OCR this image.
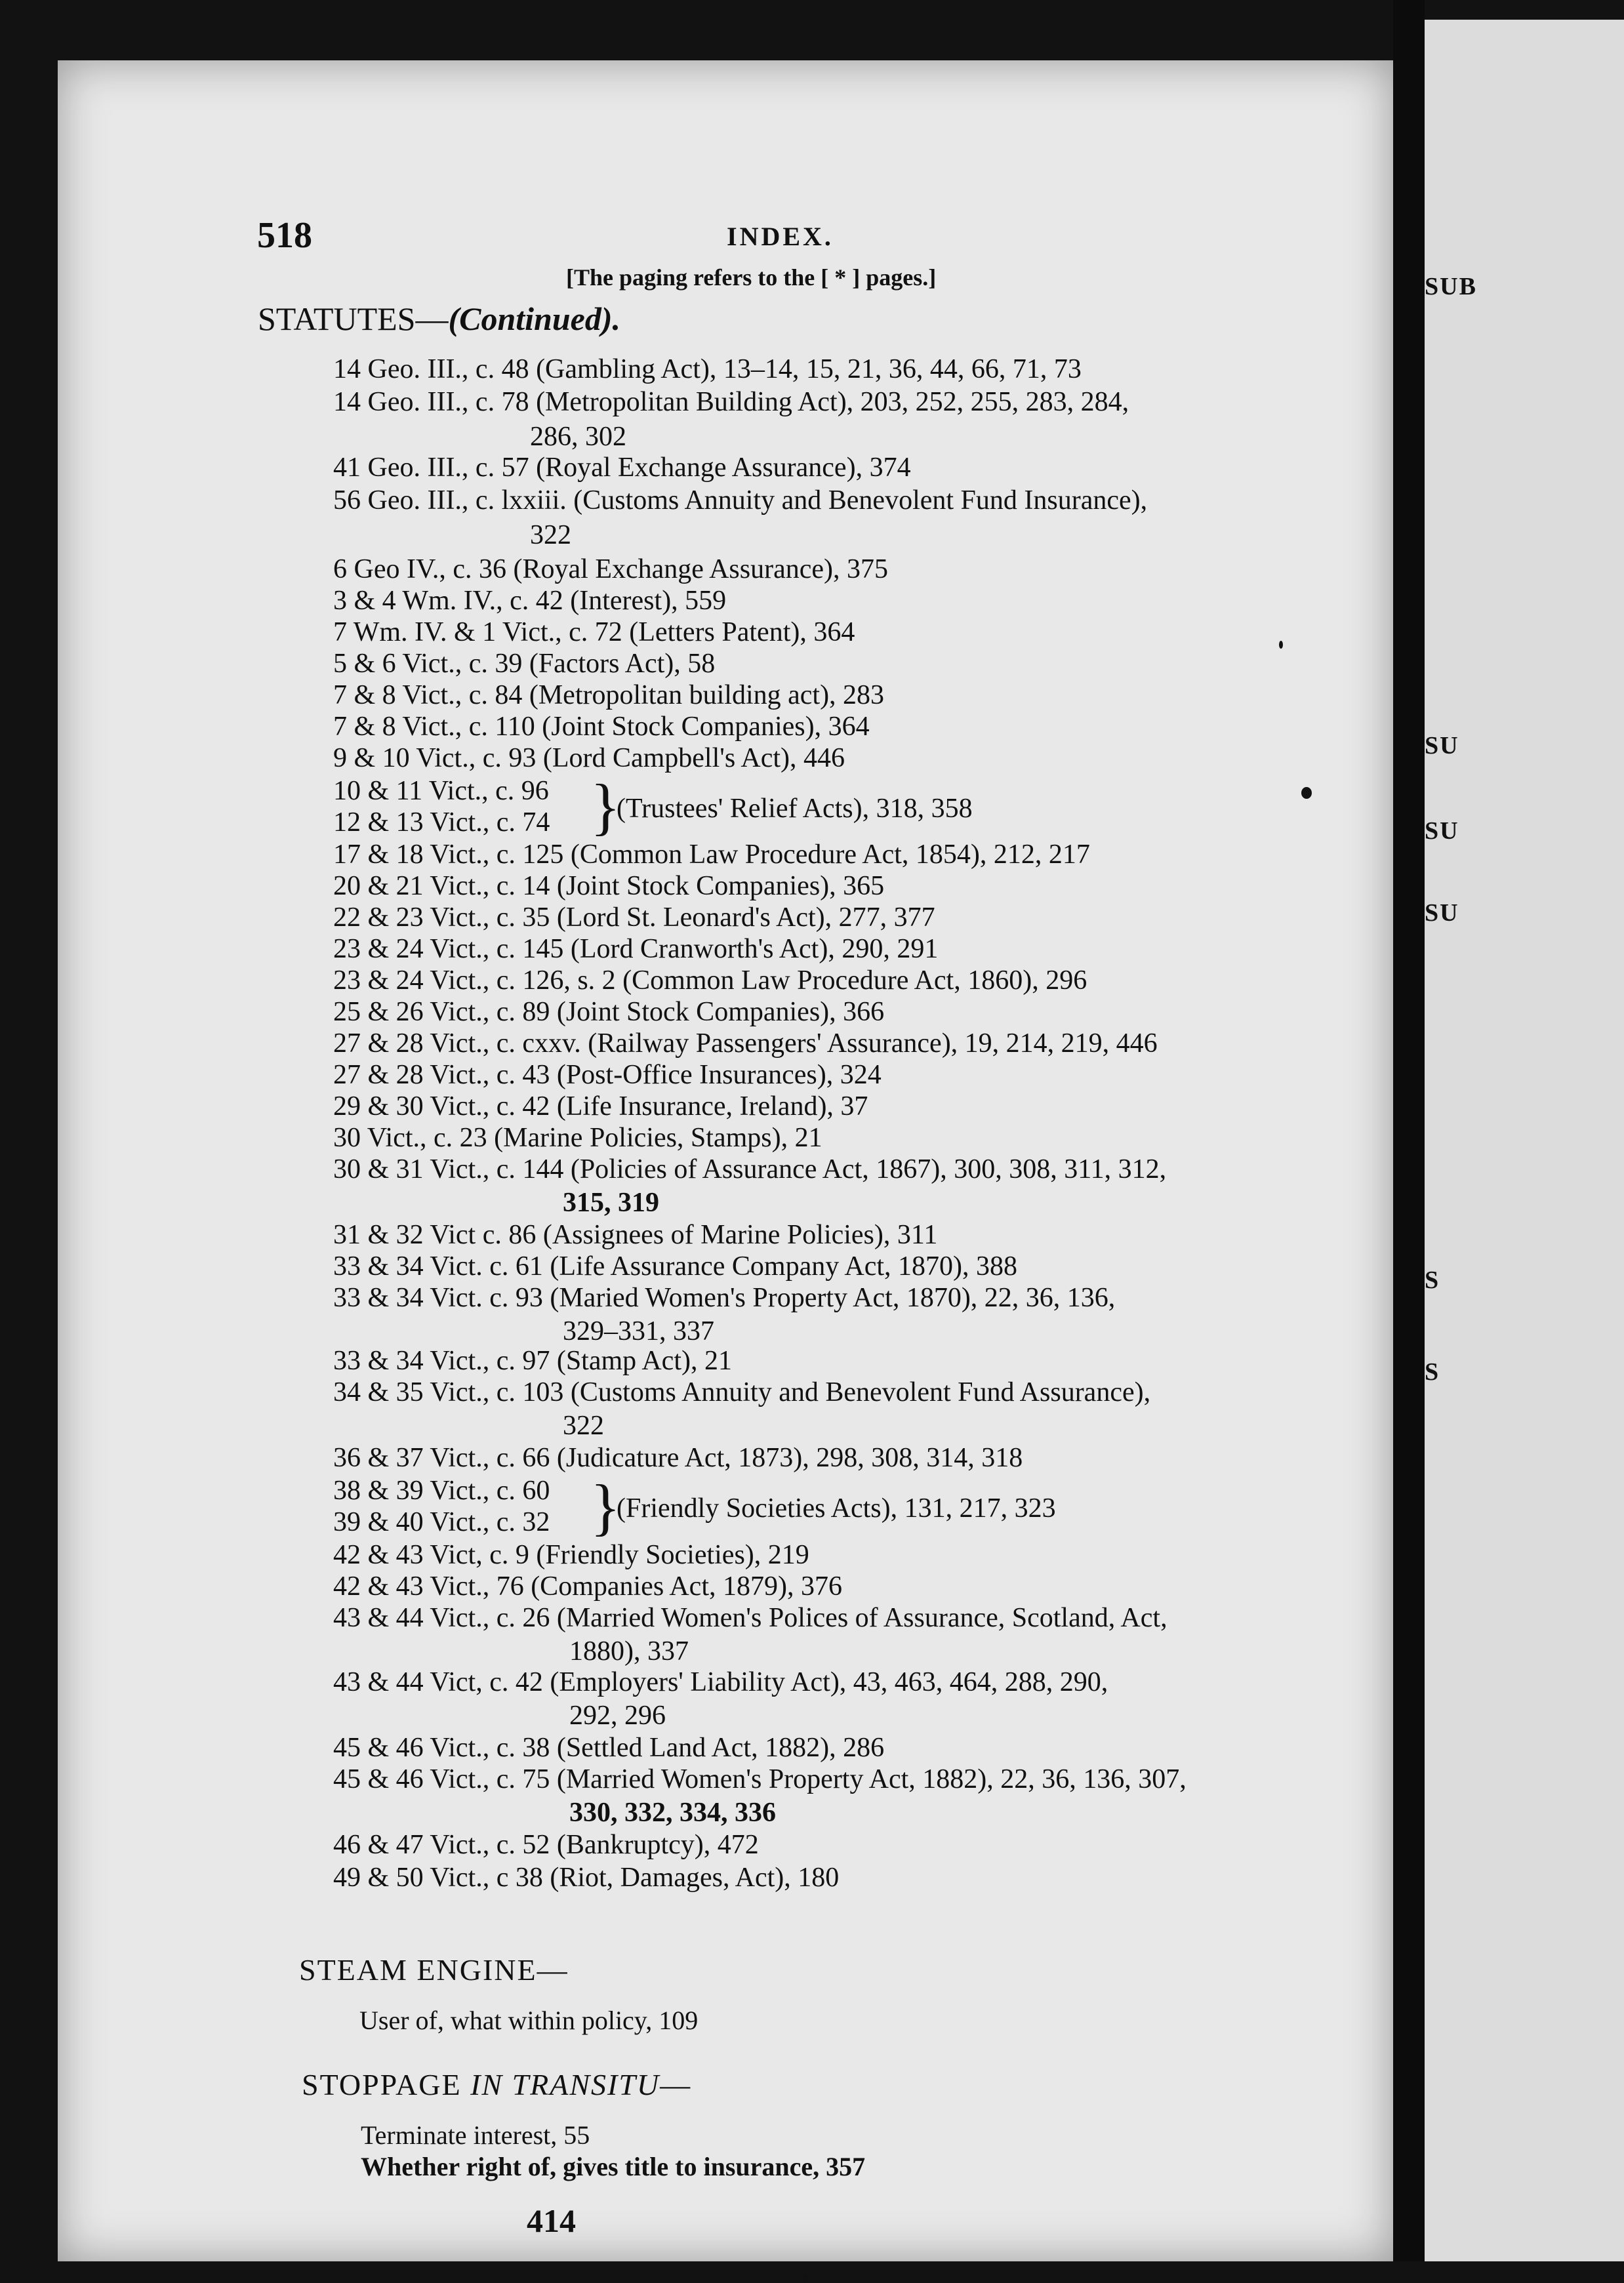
518	INDEX.
[The paging refers to the [ * ] pages.]
STATUTES—(Continued).
14 Geo. III., c. 48 (Gambling Act), 13–14, 15, 21, 36, 44, 66, 71, 73
14 Geo. III., c. 78 (Metropolitan Building Act), 203, 252, 255, 283, 284,
286, 302
41 Geo. III., c. 57 (Royal Exchange Assurance), 374
56 Geo. III., c. lxxiii. (Customs Annuity and Benevolent Fund Insurance),
322
6 Geo IV., c. 36 (Royal Exchange Assurance), 375
3 & 4 Wm. IV., c. 42 (Interest), 559
7 Wm. IV. & 1 Vict., c. 72 (Letters Patent), 364
5 & 6 Vict., c. 39 (Factors Act), 58
7 & 8 Vict., c. 84 (Metropolitan building act), 283
7 & 8 Vict., c. 110 (Joint Stock Companies), 364
9 & 10 Vict., c. 93 (Lord Campbell's Act), 446
10 & 11 Vict., c. 96
12 & 13 Vict., c. 74 }
(Trustees' Relief Acts), 318, 358
17 & 18 Vict., c. 125 (Common Law Procedure Act, 1854), 212, 217
20 & 21 Vict., c. 14 (Joint Stock Companies), 365
22 & 23 Vict., c. 35 (Lord St. Leonard's Act), 277, 377
23 & 24 Vict., c. 145 (Lord Cranworth's Act), 290, 291
23 & 24 Vict., c. 126, s. 2 (Common Law Procedure Act, 1860), 296
25 & 26 Vict., c. 89 (Joint Stock Companies), 366
27 & 28 Vict., c. cxxv. (Railway Passengers' Assurance), 19, 214, 219, 446
27 & 28 Vict., c. 43 (Post-Office Insurances), 324
29 & 30 Vict., c. 42 (Life Insurance, Ireland), 37
30 Vict., c. 23 (Marine Policies, Stamps), 21
30 & 31 Vict., c. 144 (Policies of Assurance Act, 1867), 300, 308, 311, 312,
315, 319
31 & 32 Vict c. 86 (Assignees of Marine Policies), 311
33 & 34 Vict. c. 61 (Life Assurance Company Act, 1870), 388
33 & 34 Vict. c. 93 (Maried Women's Property Act, 1870), 22, 36, 136,
329–331, 337
33 & 34 Vict., c. 97 (Stamp Act), 21
34 & 35 Vict., c. 103 (Customs Annuity and Benevolent Fund Assurance),
322
36 & 37 Vict., c. 66 (Judicature Act, 1873), 298, 308, 314, 318
38 & 39 Vict., c. 60
39 & 40 Vict., c. 32 }
(Friendly Societies Acts), 131, 217, 323
42 & 43 Vict, c. 9 (Friendly Societies), 219
42 & 43 Vict., 76 (Companies Act, 1879), 376
43 & 44 Vict., c. 26 (Married Women's Polices of Assurance, Scotland, Act,
1880), 337
43 & 44 Vict, c. 42 (Employers' Liability Act), 43, 463, 464, 288, 290,
292, 296
45 & 46 Vict., c. 38 (Settled Land Act, 1882), 286
45 & 46 Vict., c. 75 (Married Women's Property Act, 1882), 22, 36, 136, 307,
330, 332, 334, 336
46 & 47 Vict., c. 52 (Bankruptcy), 472
49 & 50 Vict., c 38 (Riot, Damages, Act), 180
STEAM ENGINE—
User of, what within policy, 109
STOPPAGE IN TRANSITU—
Terminate interest, 55
Whether right of, gives title to insurance, 357
414
SUB
SU
SU
SU
S
S
